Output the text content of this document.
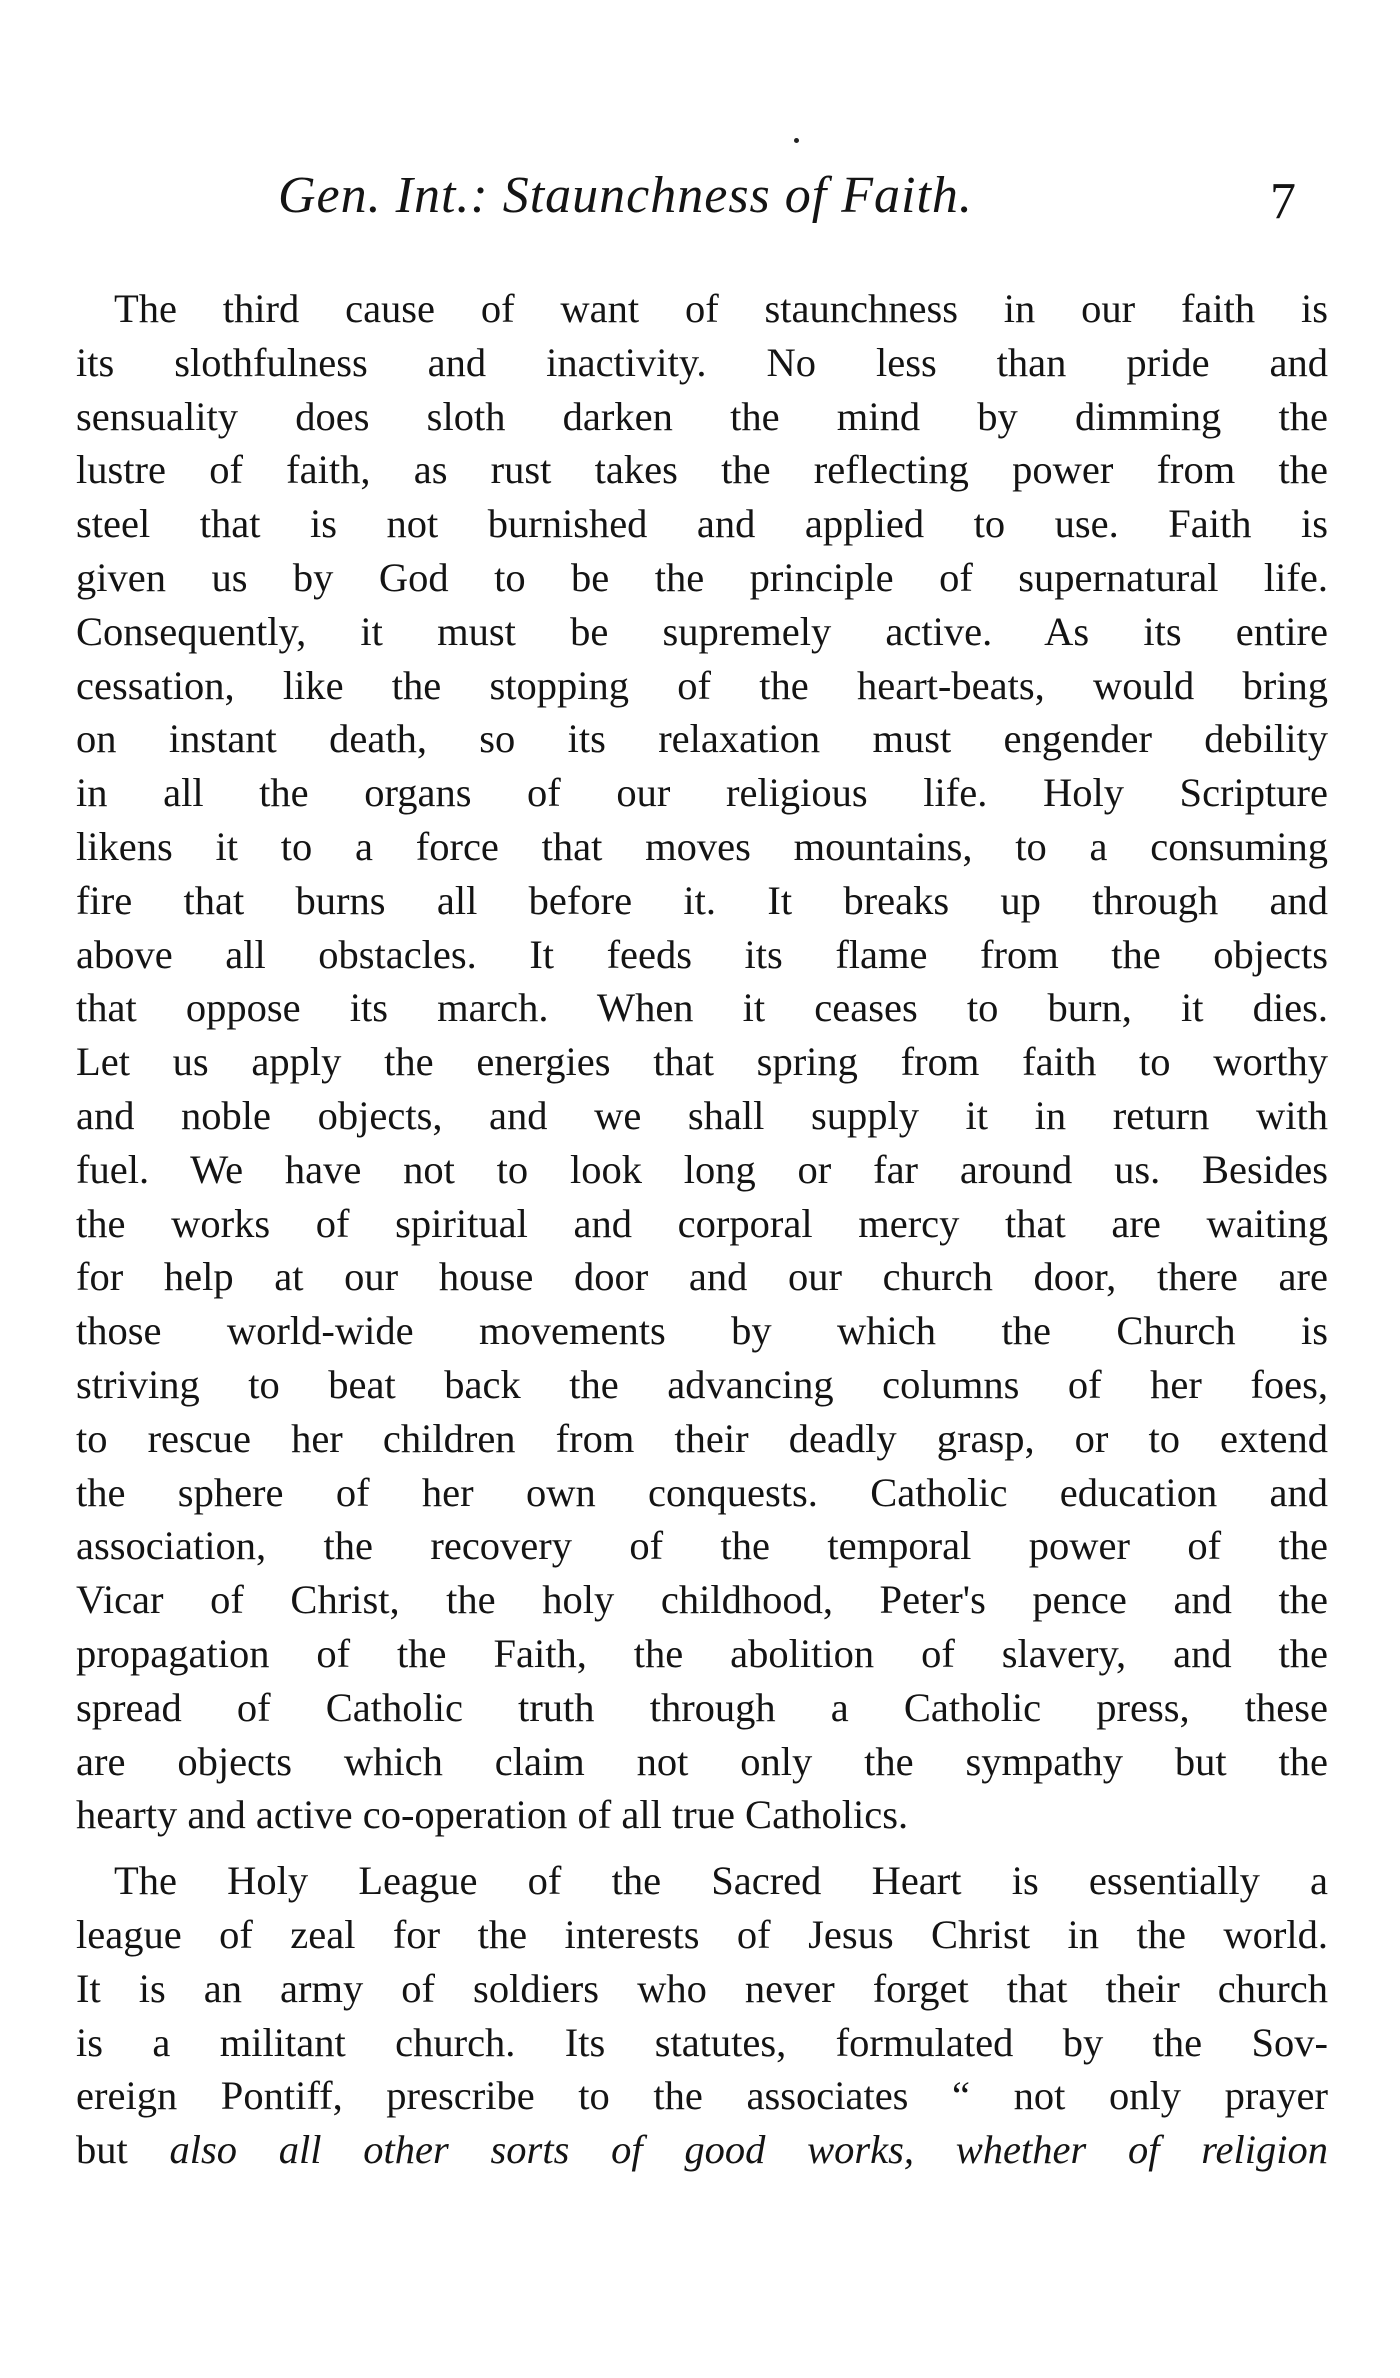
Gen. Int.: Staunchness of Faith.	7
The third cause of want of staunchness in our faith is
its slothfulness and inactivity. No less than pride and
sensuality does sloth darken the mind by dimming the
lustre of faith, as rust takes the reflecting power from the
steel that is not burnished and applied to use. Faith is
given us by God to be the principle of supernatural life.
Consequently, it must be supremely active. As its entire
cessation, like the stopping of the heart-beats, would bring
on instant death, so its relaxation must engender debility
in all the organs of our religious life. Holy Scripture
likens it to a force that moves mountains, to a consuming
fire that burns all before it. It breaks up through and
above all obstacles. It feeds its flame from the objects
that oppose its march. When it ceases to burn, it dies.
Let us apply the energies that spring from faith to worthy
and noble objects, and we shall supply it in return with
fuel. We have not to look long or far around us. Besides
the works of spiritual and corporal mercy that are waiting
for help at our house door and our church door, there are
those world-wide movements by which the Church is
striving to beat back the advancing columns of her foes,
to rescue her children from their deadly grasp, or to extend
the sphere of her own conquests. Catholic education and
association, the recovery of the temporal power of the
Vicar of Christ, the holy childhood, Peter's pence and the
propagation of the Faith, the abolition of slavery, and the
spread of Catholic truth through a Catholic press, these
are objects which claim not only the sympathy but the
hearty and active co-operation of all true Catholics.
The Holy League of the Sacred Heart is essentially a
league of zeal for the interests of Jesus Christ in the world.
It is an army of soldiers who never forget that their church
is a militant church. Its statutes, formulated by the Sov-
ereign Pontiff, prescribe to the associates “ not only prayer
but also all other sorts of good works, whether of religion
